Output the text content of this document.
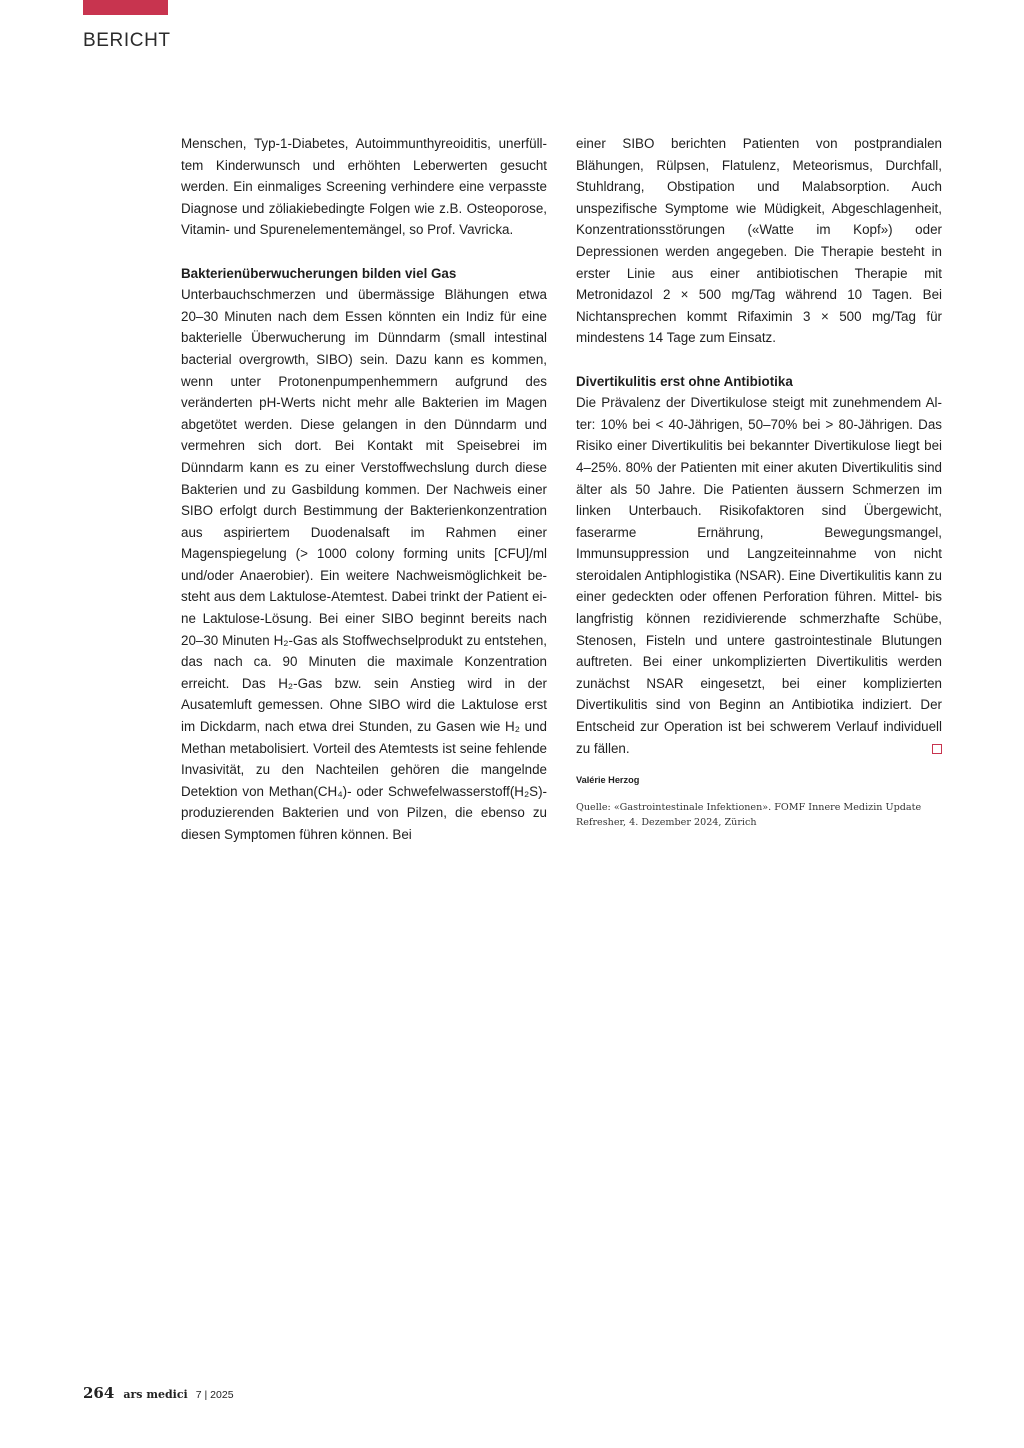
BERICHT

Menschen, Typ-1-Diabetes, Autoimmunthyreoiditis, unerfülltem Kinderwunsch und erhöhten Leberwerten gesucht werden. Ein einmaliges Screening verhindere eine verpasste Diagnose und zöliakiebedingte Folgen wie z.B. Osteoporose, Vitamin- und Spurenelementemängel, so Prof. Vavricka.

Bakterienüberwucherungen bilden viel Gas

Unterbauchschmerzen und übermässige Blähungen etwa 20–30 Minuten nach dem Essen könnten ein Indiz für eine bakterielle Überwucherung im Dünndarm (small intestinal bacterial overgrowth, SIBO) sein. Dazu kann es kommen, wenn unter Protonenpumpenhemmern aufgrund des veränderten pH-Werts nicht mehr alle Bakterien im Magen abgetötet werden. Diese gelangen in den Dünndarm und vermehren sich dort. Bei Kontakt mit Speisebrei im Dünndarm kann es zu einer Verstoffwechslung durch diese Bakterien und zu Gasbildung kommen. Der Nachweis einer SIBO erfolgt durch Bestimmung der Bakterienkonzentration aus aspiriertem Duodenalsaft im Rahmen einer Magenspiegelung (> 1000 colony forming units [CFU]/ml und/oder Anaerobier). Ein weitere Nachweismöglichkeit besteht aus dem Laktulose-Atemtest. Dabei trinkt der Patient eine Laktulose-Lösung. Bei einer SIBO beginnt bereits nach 20–30 Minuten H₂-Gas als Stoffwechselprodukt zu entstehen, das nach ca. 90 Minuten die maximale Konzentration erreicht. Das H₂-Gas bzw. sein Anstieg wird in der Ausatemluft gemessen. Ohne SIBO wird die Laktulose erst im Dickdarm, nach etwa drei Stunden, zu Gasen wie H₂ und Methan metabolisiert. Vorteil des Atemtests ist seine fehlende Invasivität, zu den Nachteilen gehören die mangelnde Detektion von Methan(CH₄)- oder Schwefelwasserstoff(H₂S)-produzierenden Bakterien und von Pilzen, die ebenso zu diesen Symptomen führen können. Bei

einer SIBO berichten Patienten von postprandialen Blähungen, Rülpsen, Flatulenz, Meteorismus, Durchfall, Stuhldrang, Obstipation und Malabsorption. Auch unspezifische Symptome wie Müdigkeit, Abgeschlagenheit, Konzentrationsstörungen («Watte im Kopf») oder Depressionen werden angegeben. Die Therapie besteht in erster Linie aus einer antibiotischen Therapie mit Metronidazol 2 × 500 mg/Tag während 10 Tagen. Bei Nichtansprechen kommt Rifaximin 3 × 500 mg/Tag für mindestens 14 Tage zum Einsatz.

Divertikulitis erst ohne Antibiotika

Die Prävalenz der Divertikulose steigt mit zunehmendem Alter: 10% bei < 40-Jährigen, 50–70% bei > 80-Jährigen. Das Risiko einer Divertikulitis bei bekannter Divertikulose liegt bei 4–25%. 80% der Patienten mit einer akuten Divertikulitis sind älter als 50 Jahre. Die Patienten äussern Schmerzen im linken Unterbauch. Risikofaktoren sind Übergewicht, faserarme Ernährung, Bewegungsmangel, Immunsuppression und Langzeiteinnahme von nicht steroidalen Antiphlogistika (NSAR). Eine Divertikulitis kann zu einer gedeckten oder offenen Perforation führen. Mittel- bis langfristig können rezidivierende schmerzhafte Schübe, Stenosen, Fisteln und untere gastrointestinale Blutungen auftreten. Bei einer unkomplizierten Divertikulitis werden zunächst NSAR eingesetzt, bei einer komplizierten Divertikulitis sind von Beginn an Antibiotika indiziert. Der Entscheid zur Operation ist bei schwerem Verlauf individuell zu fällen.

Valérie Herzog
Quelle: «Gastrointestinale Infektionen». FOMF Innere Medizin Update Refresher, 4. Dezember 2024, Zürich
264 ars medici 7 | 2025
